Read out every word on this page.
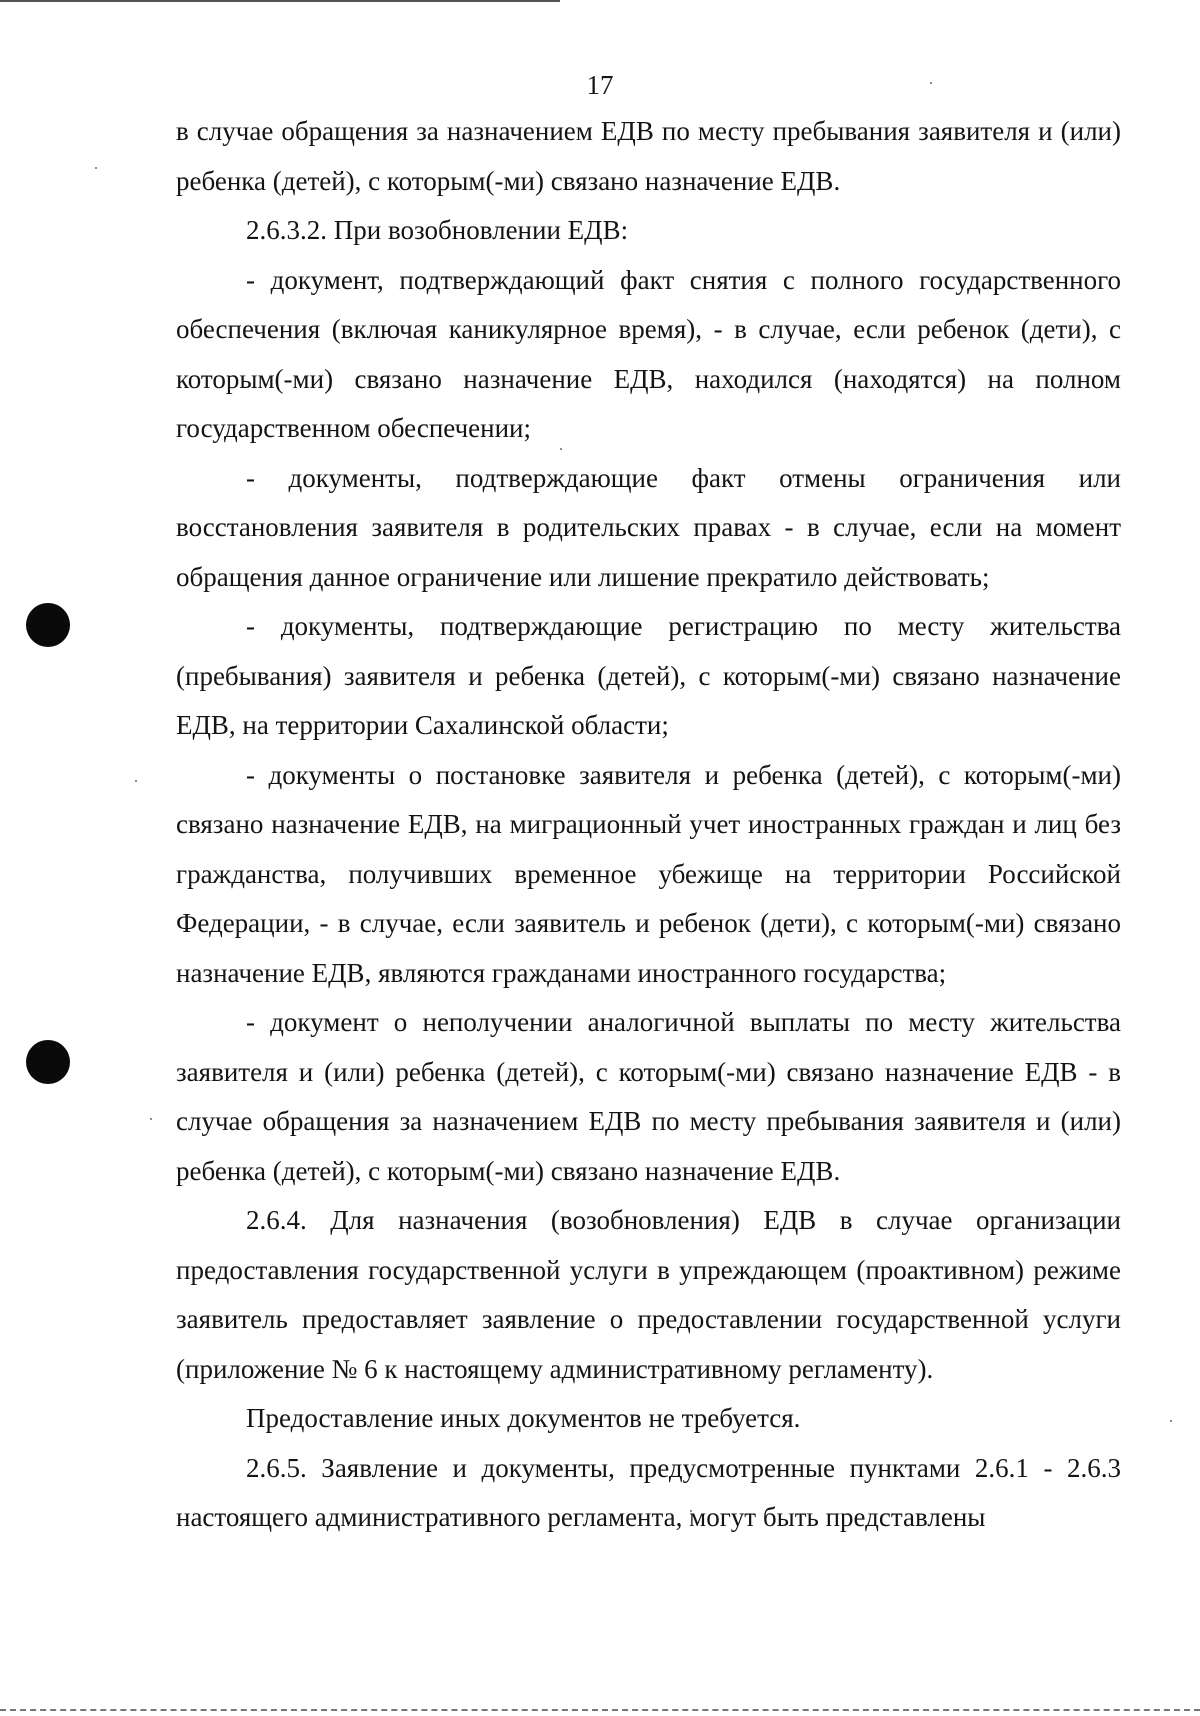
17

в случае обращения за назначением ЕДВ по месту пребывания заявителя и (или) ребенка (детей), с которым(-ми) связано назначение ЕДВ.

2.6.3.2. При возобновлении ЕДВ:

- документ, подтверждающий факт снятия с полного государственного обеспечения (включая каникулярное время), - в случае, если ребенок (дети), с которым(-ми) связано назначение ЕДВ, находился (находятся) на полном государственном обеспечении;

- документы, подтверждающие факт отмены ограничения или восстановления заявителя в родительских правах - в случае, если на момент обращения данное ограничение или лишение прекратило действовать;

- документы, подтверждающие регистрацию по месту жительства (пребывания) заявителя и ребенка (детей), с которым(-ми) связано назначение ЕДВ, на территории Сахалинской области;

- документы о постановке заявителя и ребенка (детей), с которым(-ми) связано назначение ЕДВ, на миграционный учет иностранных граждан и лиц без гражданства, получивших временное убежище на территории Российской Федерации, - в случае, если заявитель и ребенок (дети), с которым(-ми) связано назначение ЕДВ, являются гражданами иностранного государства;

- документ о неполучении аналогичной выплаты по месту жительства заявителя и (или) ребенка (детей), с которым(-ми) связано назначение ЕДВ - в случае обращения за назначением ЕДВ по месту пребывания заявителя и (или) ребенка (детей), с которым(-ми) связано назначение ЕДВ.

2.6.4. Для назначения (возобновления) ЕДВ в случае организации предоставления государственной услуги в упреждающем (проактивном) режиме заявитель предоставляет заявление о предоставлении государственной услуги (приложение № 6 к настоящему административному регламенту).

Предоставление иных документов не требуется.

2.6.5. Заявление и документы, предусмотренные пунктами 2.6.1 - 2.6.3 настоящего административного регламента, могут быть представлены
